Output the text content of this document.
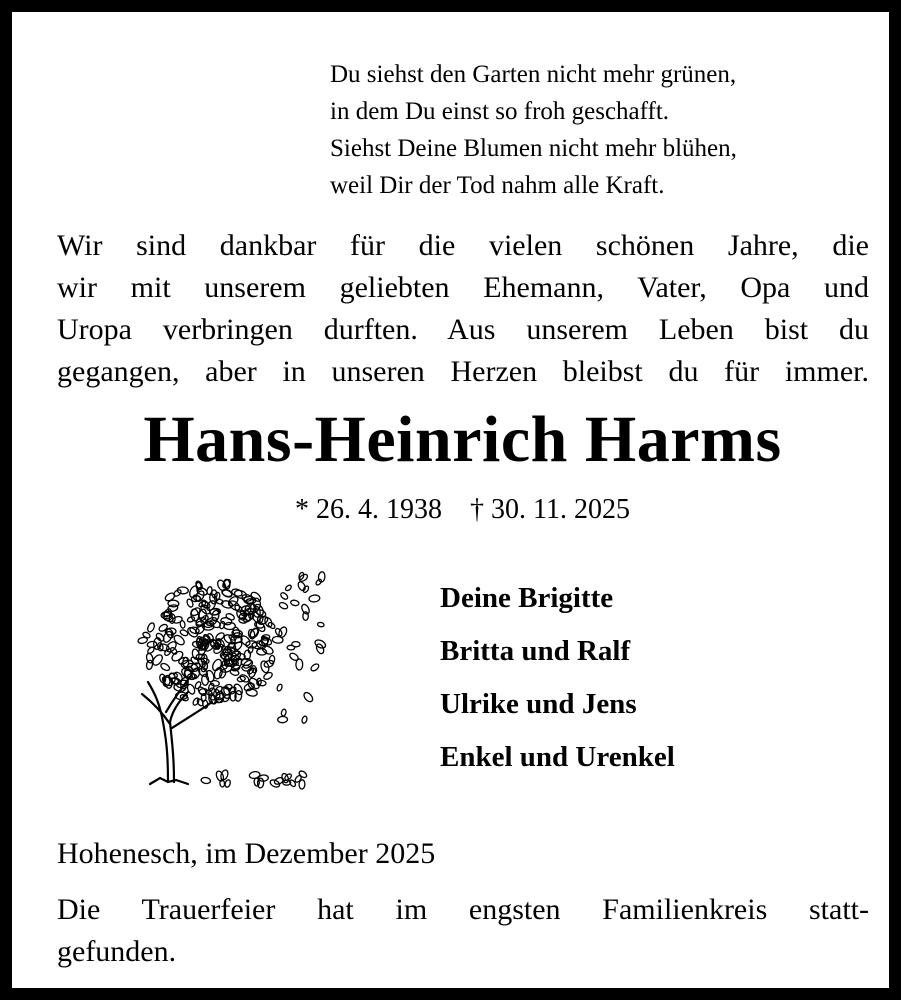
Du siehst den Garten nicht mehr grünen,
in dem Du einst so froh geschafft.
Siehst Deine Blumen nicht mehr blühen,
weil Dir der Tod nahm alle Kraft.
Wir sind dankbar für die vielen schönen Jahre, die
wir mit unserem geliebten Ehemann, Vater, Opa und
Uropa verbringen durften. Aus unserem Leben bist du
gegangen, aber in unseren Herzen bleibst du für immer.
Hans-Heinrich Harms
* 26. 4. 1938 † 30. 11. 2025
Deine Brigitte
Britta und Ralf
Ulrike und Jens
Enkel und Urenkel
Hohenesch, im Dezember 2025
Die Trauerfeier hat im engsten Familienkreis statt-
gefunden.
